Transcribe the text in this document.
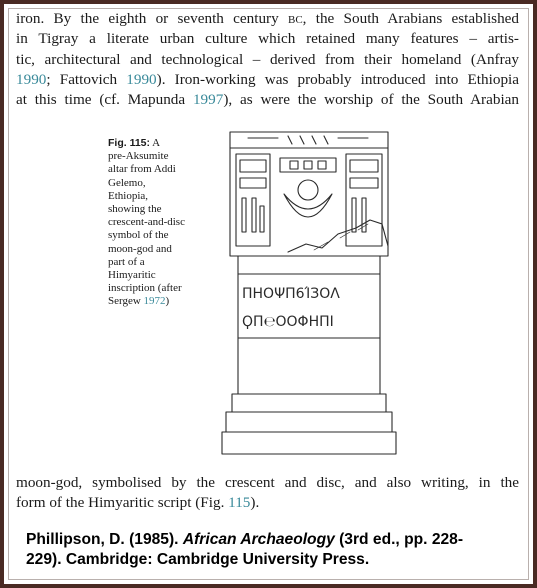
iron. By the eighth or seventh century bc, the South Arabians established
in Tigray a literate urban culture which retained many features – artis-
tic, architectural and technological – derived from their homeland (Anfray
1990; Fattovich 1990). Iron-working was probably introduced into Ethiopia
at this time (cf. Mapunda 1997), as were the worship of the South Arabian
Fig. 115: A
pre-Aksumite
altar from Addi
Gelemo,
Ethiopia,
showing the
crescent-and-disc
symbol of the
moon-god and
part of a
Himyaritic
inscription (after
Sergew 1972)	ΠΗΟΨΠ6ΊЗΟΛ
ϘΠ℮ΟΟΦΗΠΙ
moon-god, symbolised by the crescent and disc, and also writing, in the
form of the Himyaritic script (Fig. 115).
Phillipson, D. (1985). African Archaeology (3rd ed., pp. 228-
229). Cambridge: Cambridge University Press.
